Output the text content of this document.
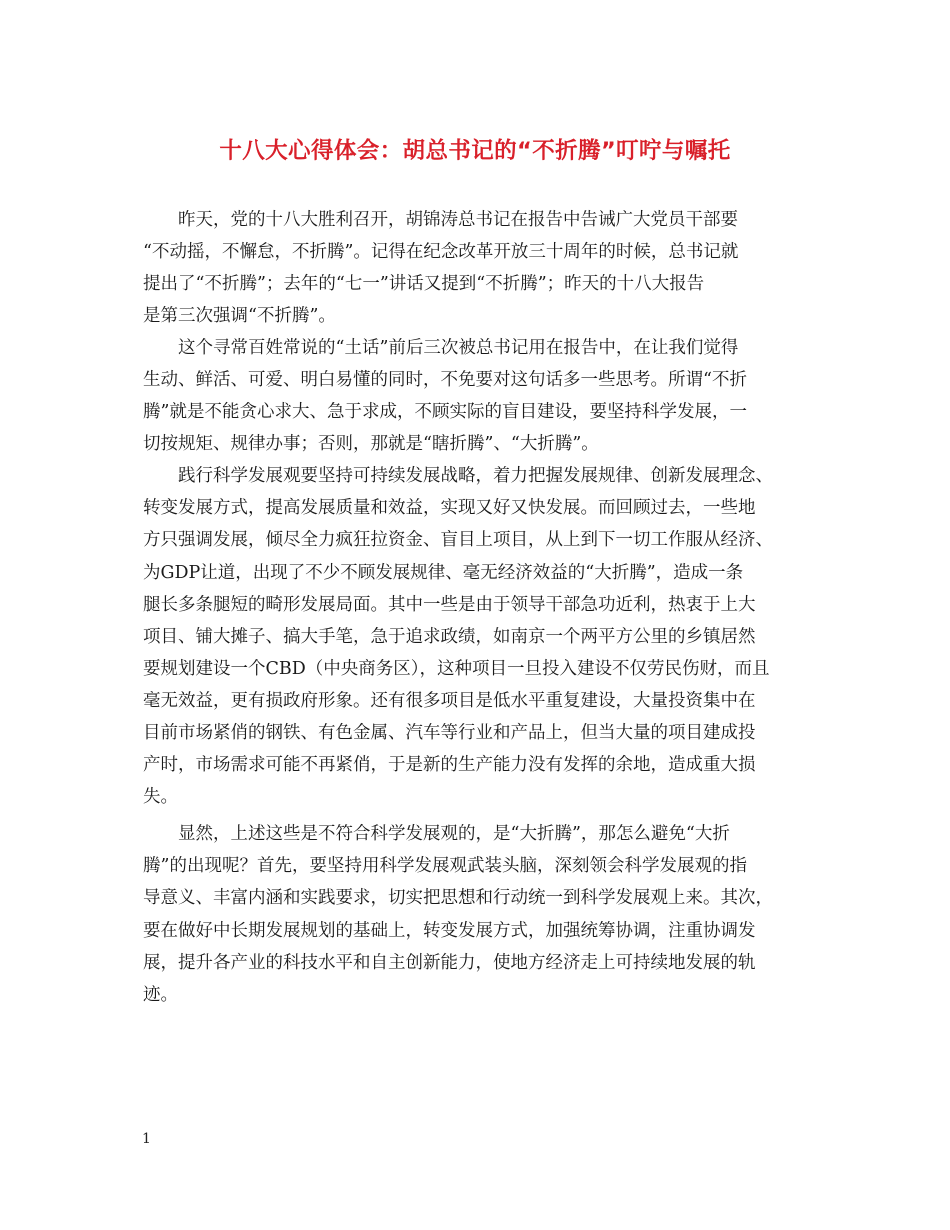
十八大心得体会：胡总书记的“不折腾”叮咛与嘱托
　　昨天，党的十八大胜利召开，胡锦涛总书记在报告中告诫广大党员干部要
“不动摇，不懈怠，不折腾”。记得在纪念改革开放三十周年的时候，总书记就
提出了“不折腾”；去年的“七一”讲话又提到“不折腾”；昨天的十八大报告
是第三次强调“不折腾”。
　　这个寻常百姓常说的“土话”前后三次被总书记用在报告中，在让我们觉得
生动、鲜活、可爱、明白易懂的同时，不免要对这句话多一些思考。所谓“不折
腾”就是不能贪心求大、急于求成，不顾实际的盲目建设，要坚持科学发展，一
切按规矩、规律办事；否则，那就是“瞎折腾”、“大折腾”。
　　践行科学发展观要坚持可持续发展战略，着力把握发展规律、创新发展理念、
转变发展方式，提高发展质量和效益，实现又好又快发展。而回顾过去，一些地
方只强调发展，倾尽全力疯狂拉资金、盲目上项目，从上到下一切工作服从经济、
为GDP让道，出现了不少不顾发展规律、毫无经济效益的“大折腾”，造成一条
腿长多条腿短的畸形发展局面。其中一些是由于领导干部急功近利，热衷于上大
项目、铺大摊子、搞大手笔，急于追求政绩，如南京一个两平方公里的乡镇居然
要规划建设一个CBD（中央商务区），这种项目一旦投入建设不仅劳民伤财，而且
毫无效益，更有损政府形象。还有很多项目是低水平重复建设，大量投资集中在
目前市场紧俏的钢铁、有色金属、汽车等行业和产品上，但当大量的项目建成投
产时，市场需求可能不再紧俏，于是新的生产能力没有发挥的余地，造成重大损
失。
　　显然，上述这些是不符合科学发展观的，是“大折腾”，那怎么避免“大折
腾”的出现呢？首先，要坚持用科学发展观武装头脑，深刻领会科学发展观的指
导意义、丰富内涵和实践要求，切实把思想和行动统一到科学发展观上来。其次，
要在做好中长期发展规划的基础上，转变发展方式，加强统筹协调，注重协调发
展，提升各产业的科技水平和自主创新能力，使地方经济走上可持续地发展的轨
迹。
1
